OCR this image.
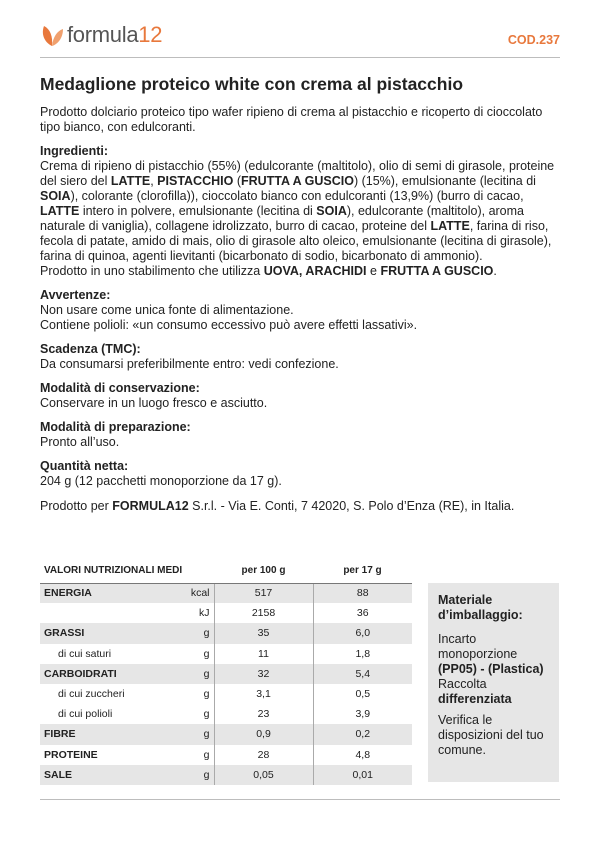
formula12	COD.237
Medaglione proteico white con crema al pistacchio

Prodotto dolciario proteico tipo wafer ripieno di crema al pistacchio e ricoperto di cioccolato tipo bianco, con edulcoranti.

Ingredienti:
Crema di ripieno di pistacchio (55%) (edulcorante (maltitolo), olio di semi di girasole, proteine del siero del LATTE, PISTACCHIO (FRUTTA A GUSCIO) (15%), emulsionante (lecitina di SOIA), colorante (clorofilla)), cioccolato bianco con edulcoranti (13,9%) (burro di cacao, LATTE intero in polvere, emulsionante (lecitina di SOIA), edulcorante (maltitolo), aroma naturale di vaniglia), collagene idrolizzato, burro di cacao, proteine del LATTE, farina di riso, fecola di patate, amido di mais, olio di girasole alto oleico, emulsionante (lecitina di girasole), farina di quinoa, agenti lievitanti (bicarbonato di sodio, bicarbonato di ammonio).
Prodotto in uno stabilimento che utilizza UOVA, ARACHIDI e FRUTTA A GUSCIO.
Avvertenze:
Non usare come unica fonte di alimentazione.
Contiene polioli: «un consumo eccessivo può avere effetti lassativi».
Scadenza (TMC):
Da consumarsi preferibilmente entro: vedi confezione.
Modalità di conservazione:
Conservare in un luogo fresco e asciutto.
Modalità di preparazione:
Pronto all’uso.
Quantità netta:
204 g (12 pacchetti monoporzione da 17 g).
Prodotto per FORMULA12 S.r.l. - Via E. Conti, 7 42020, S. Polo d’Enza (RE), in Italia.
VALORI NUTRIZIONALI MEDI		per 100 g	per 17 g
ENERGIA	kcal	517	88
	kJ	2158	36
GRASSI	g	35	6,0
di cui saturi	g	11	1,8
CARBOIDRATI	g	32	5,4
di cui zuccheri	g	3,1	0,5
di cui polioli	g	23	3,9
FIBRE	g	0,9	0,2
PROTEINE	g	28	4,8
SALE	g	0,05	0,01
Materiale d’imballaggio:
Incarto monoporzione
(PP05) - (Plastica)
Raccolta
differenziata
Verifica le disposizioni del tuo comune.
